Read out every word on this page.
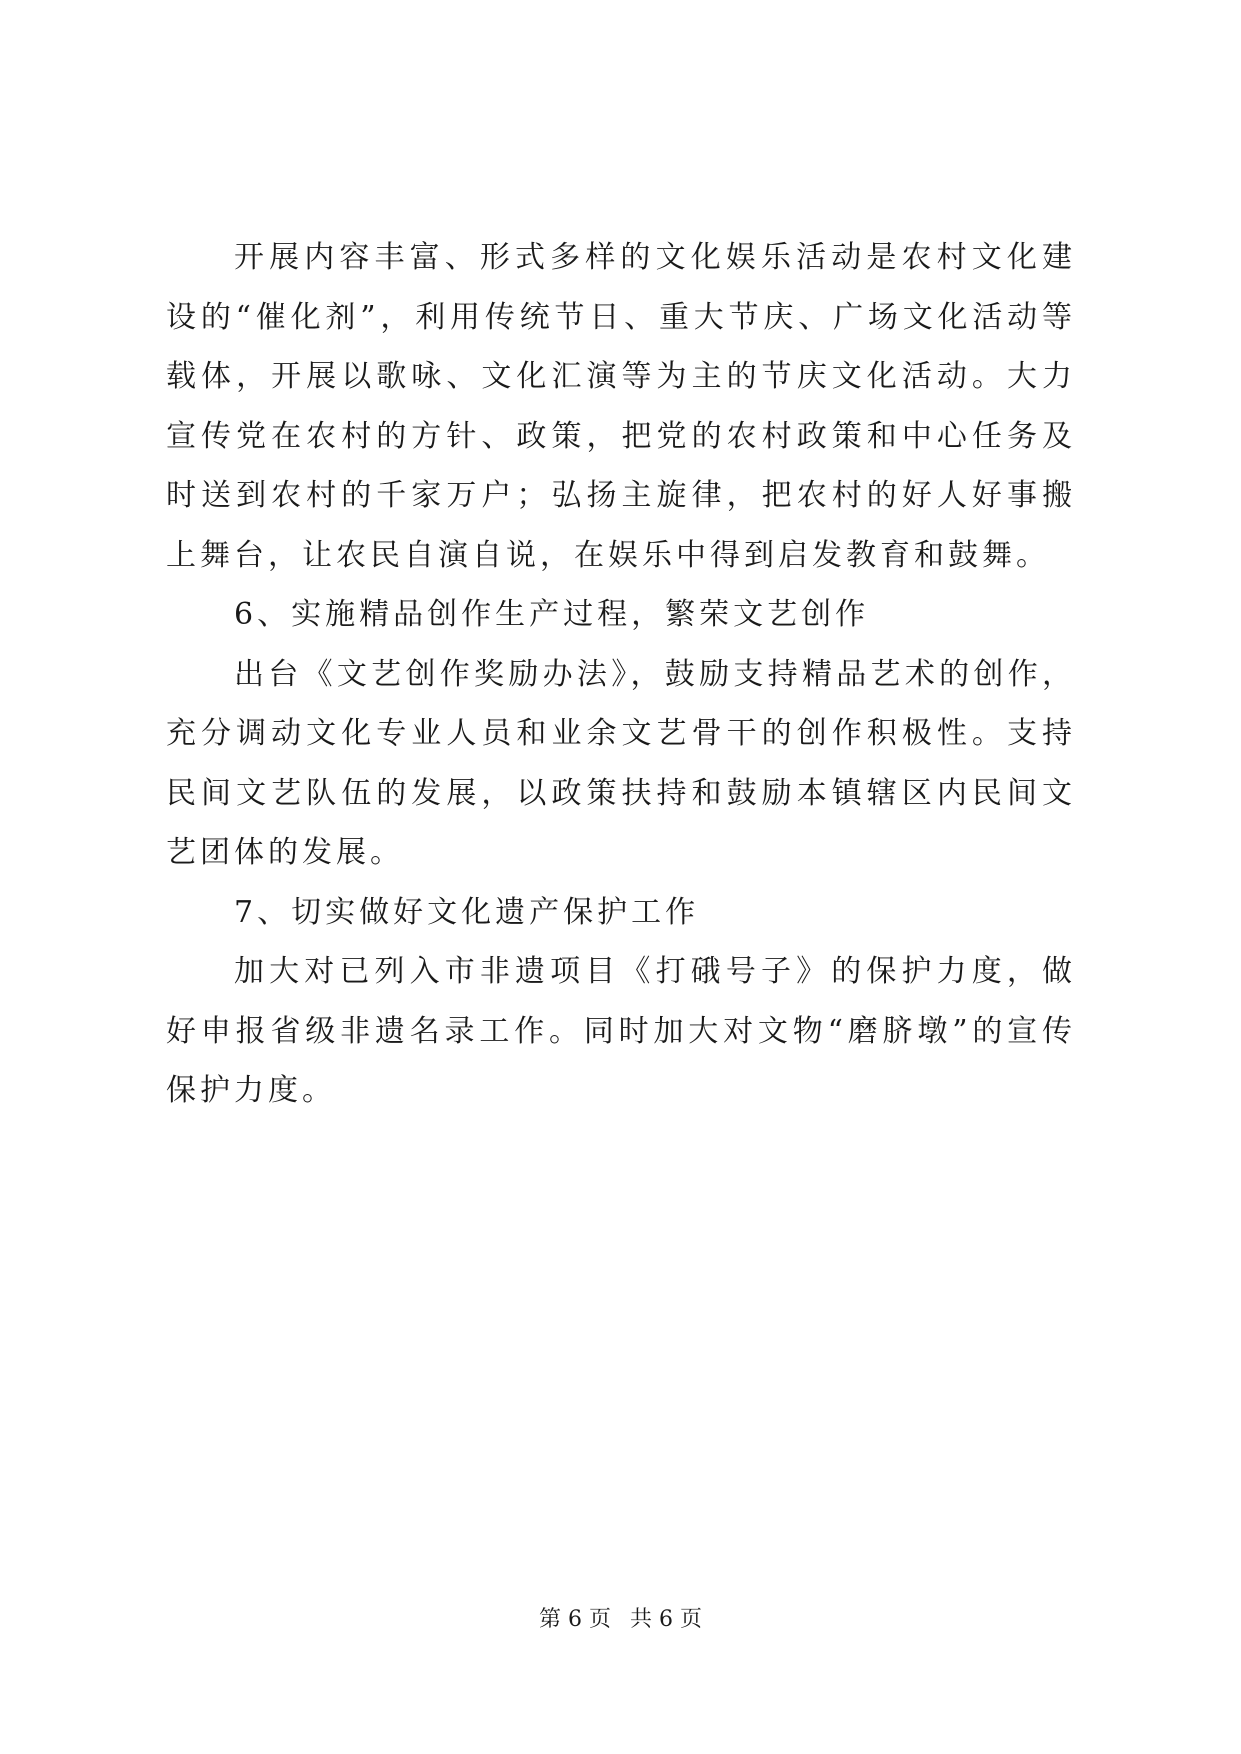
开展内容丰富、形式多样的文化娱乐活动是农村文化建设的“催化剂”，利用传统节日、重大节庆、广场文化活动等载体，开展以歌咏、文化汇演等为主的节庆文化活动。大力宣传党在农村的方针、政策，把党的农村政策和中心任务及时送到农村的千家万户；弘扬主旋律，把农村的好人好事搬上舞台，让农民自演自说，在娱乐中得到启发教育和鼓舞。

6、实施精品创作生产过程，繁荣文艺创作

出台《文艺创作奖励办法》，鼓励支持精品艺术的创作，充分调动文化专业人员和业余文艺骨干的创作积极性。支持民间文艺队伍的发展，以政策扶持和鼓励本镇辖区内民间文艺团体的发展。

7、切实做好文化遗产保护工作

加大对已列入市非遗项目《打硪号子》的保护力度，做好申报省级非遗名录工作。同时加大对文物“磨脐墩”的宣传保护力度。

第 6 页 共 6 页
